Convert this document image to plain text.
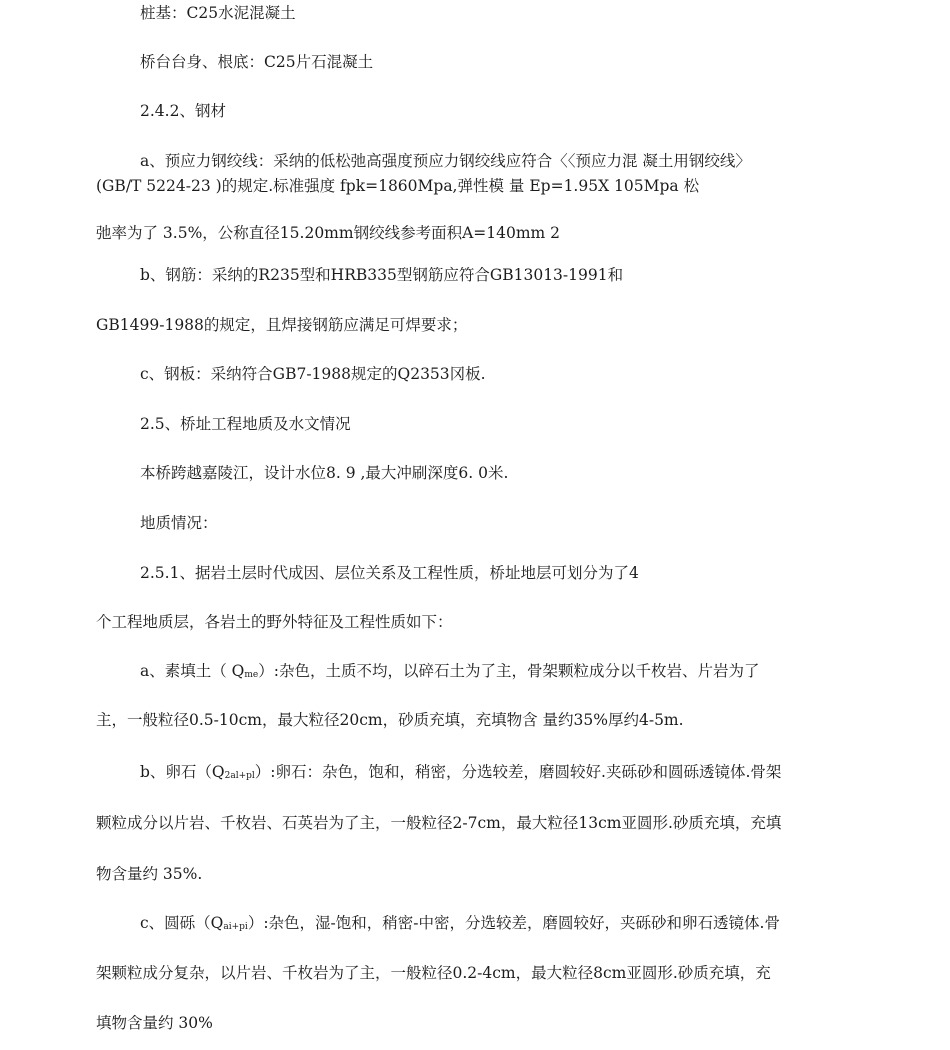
桩基：C25水泥混凝土
桥台台身、根底：C25片石混凝土
2.4.2、钢材
a、预应力钢绞线：采纳的低松弛高强度预应力钢绞线应符合〈〈预应力混 凝土用钢绞线〉
(GB/T 5224-23 )的规定.标准强度 fpk=1860Mpa,弹性模 量 Ep=1.95X 105Mpa 松
弛率为了 3.5%，公称直径15.20mm钢绞线参考面积A=140mm 2
b、钢筋：采纳的R235型和HRB335型钢筋应符合GB13013-1991和
GB1499-1988的规定，且焊接钢筋应满足可焊要求；
c、钢板：采纳符合GB7-1988规定的Q2353冈板.
2.5、桥址工程地质及水文情况
本桥跨越嘉陵江，设计水位8. 9 ,最大冲刷深度6. 0米.
地质情况：
2.5.1、据岩土层时代成因、层位关系及工程性质，桥址地层可划分为了4
个工程地质层，各岩土的野外特征及工程性质如下：
a、素填土（ $Q_{me}$）:杂色，土质不均，以碎石土为了主，骨架颗粒成分以千枚岩、片岩为了
主，一般粒径0.5-10cm，最大粒径20cm，砂质充填，充填物含 量约35%厚约4-5m.
b、卵石$(Q_{2al+pl})$:卵石：杂色，饱和，稍密，分选较差，磨圆较好.夹砾砂和圆砾透镜体.骨架
颗粒成分以片岩、千枚岩、石英岩为了主，一般粒径2-7cm，最大粒径13cm亚圆形.砂质充填，充填
物含量约 35%.
c、圆砾$(Q_{ai+pi})$:杂色，湿-饱和，稍密-中密，分选较差，磨圆较好，夹砾砂和卵石透镜体.骨
架颗粒成分复杂，以片岩、千枚岩为了主，一般粒径0.2-4cm，最大粒径8cm亚圆形.砂质充填，充
填物含量约 30%
